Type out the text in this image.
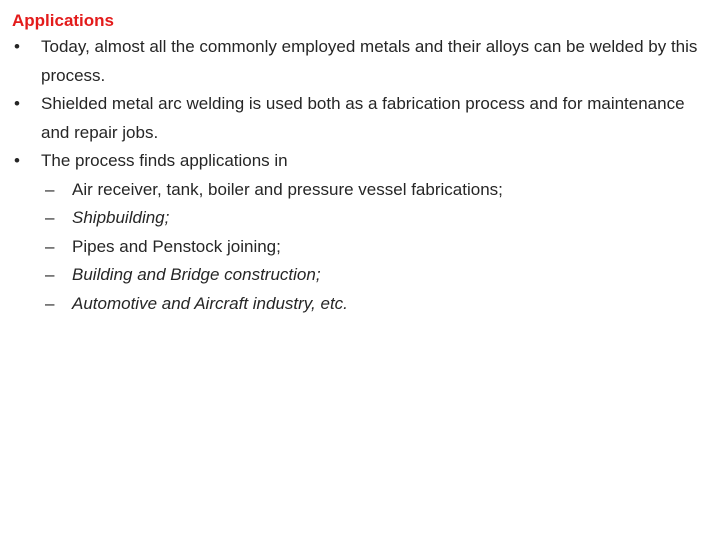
Applications
• Today, almost all the commonly employed metals and their alloys can be welded by this process.
• Shielded metal arc welding is used both as a fabrication process and for maintenance and repair jobs.
• The process finds applications in
– Air receiver, tank, boiler and pressure vessel fabrications;
– Shipbuilding;
– Pipes and Penstock joining;
– Building and Bridge construction;
– Automotive and Aircraft industry, etc.
